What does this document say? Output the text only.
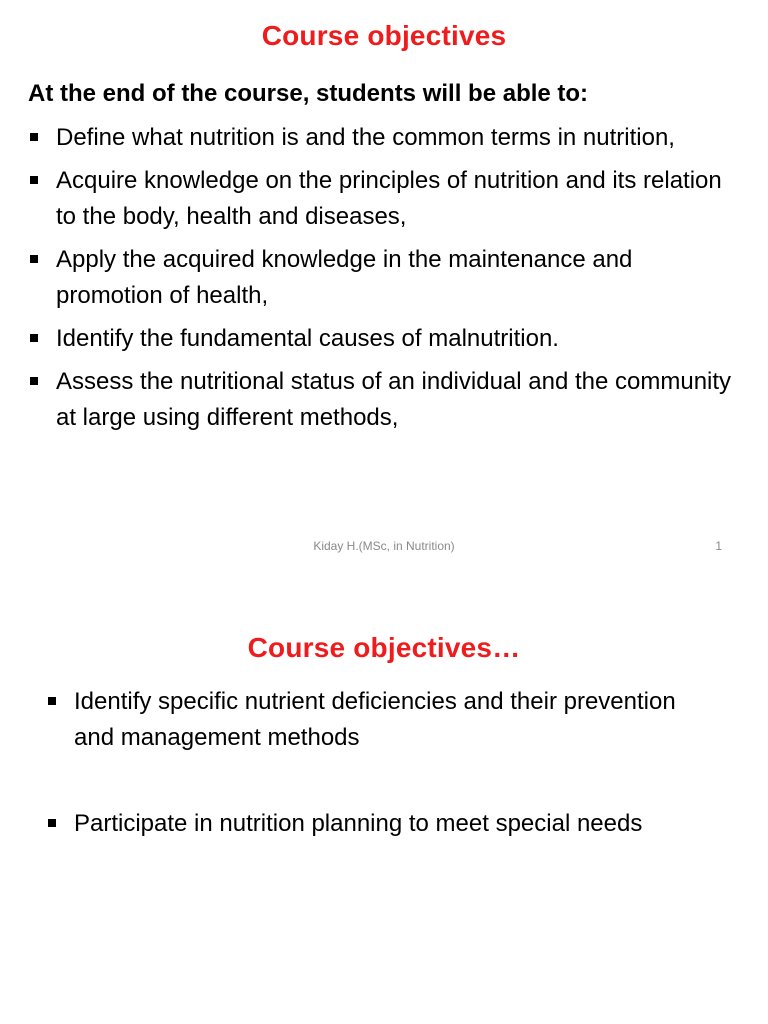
Course objectives
At the end of the course, students will be able to:
Define what nutrition is and the common terms in nutrition,
Acquire knowledge on the principles of nutrition and its relation to the body, health and diseases,
Apply the acquired knowledge in the maintenance and promotion of health,
Identify the fundamental causes of malnutrition.
Assess the nutritional status of an individual and the community at large using different methods,
Kiday H.(MSc, in Nutrition)	1
Course objectives…
Identify specific nutrient deficiencies and their prevention and management methods
Participate in nutrition planning to meet special needs
